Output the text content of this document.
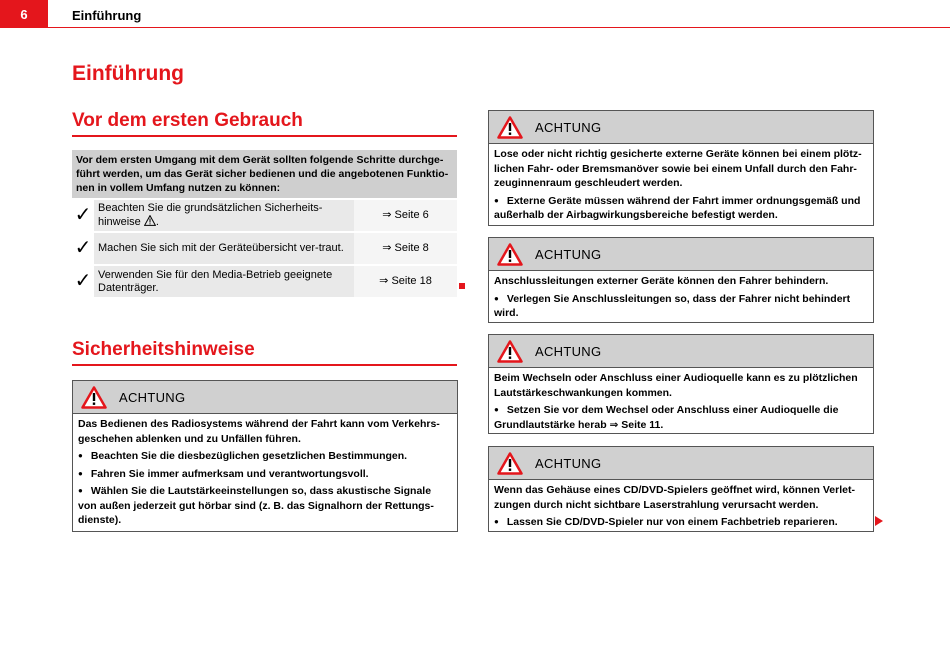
6	Einführung
Einführung
Vor dem ersten Gebrauch
Vor dem ersten Umgang mit dem Gerät sollten folgende Schritte durchge-führt werden, um das Gerät sicher bedienen und die angebotenen Funktio-nen in vollem Umfang nutzen zu können:
✓ Beachten Sie die grundsätzlichen Sicherheits-hinweise .
⇒ Seite 6
✓ Machen Sie sich mit der Geräteübersicht ver-traut.	⇒ Seite 8
✓ Verwenden Sie für den Media-Betrieb geeignete Datenträger.
⇒ Seite 18
Sicherheitshinweise
ACHTUNG

Das Bedienen des Radiosystems während der Fahrt kann vom Verkehrs-geschehen ablenken und zu Unfällen führen.

● Beachten Sie die diesbezüglichen gesetzlichen Bestimmungen.

● Fahren Sie immer aufmerksam und verantwortungsvoll.

● Wählen Sie die Lautstärkeeinstellungen so, dass akustische Signale von außen jederzeit gut hörbar sind (z. B. das Signalhorn der Rettungs-dienste).

ACHTUNG

Lose oder nicht richtig gesicherte externe Geräte können bei einem plötz-lichen Fahr- oder Bremsmanöver sowie bei einem Unfall durch den Fahr-zeuginnenraum geschleudert werden.

● Externe Geräte müssen während der Fahrt immer ordnungsgemäß und außerhalb der Airbagwirkungsbereiche befestigt werden.

ACHTUNG

Anschlussleitungen externer Geräte können den Fahrer behindern.

● Verlegen Sie Anschlussleitungen so, dass der Fahrer nicht behindert wird.

ACHTUNG

Beim Wechseln oder Anschluss einer Audioquelle kann es zu plötzlichen Lautstärkeschwankungen kommen.

● Setzen Sie vor dem Wechsel oder Anschluss einer Audioquelle die Grundlautstärke herab ⇒ Seite 11.

ACHTUNG

Wenn das Gehäuse eines CD/DVD-Spielers geöffnet wird, können Verlet-zungen durch nicht sichtbare Laserstrahlung verursacht werden.

● Lassen Sie CD/DVD-Spieler nur von einem Fachbetrieb reparieren.
